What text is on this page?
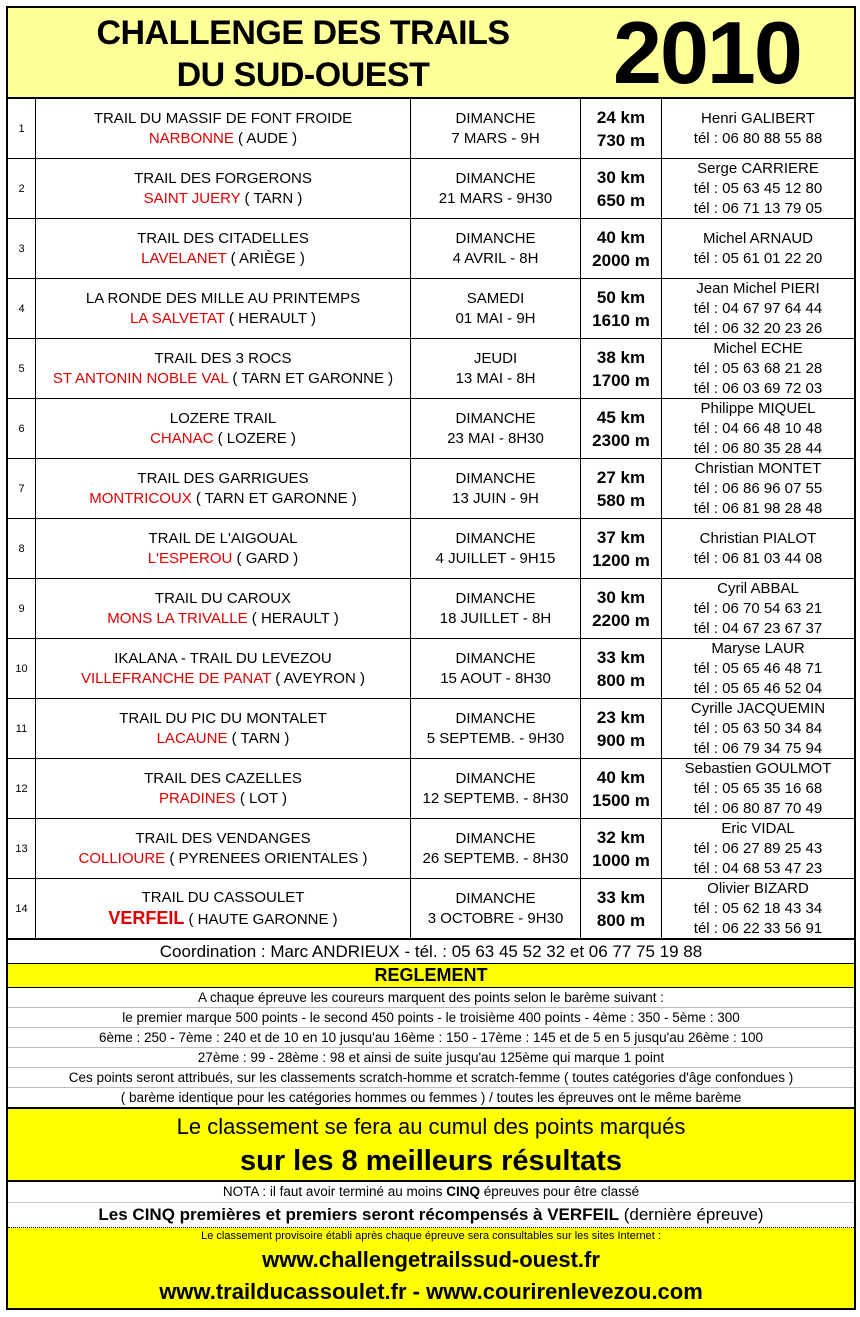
CHALLENGE DES TRAILS
DU SUD-OUEST	2010
1
TRAIL DU MASSIF DE FONT FROIDE
NARBONNE ( AUDE )
DIMANCHE
7 MARS - 9H
24 km
730 m
Henri GALIBERT
tél : 06 80 88 55 88
2
TRAIL DES FORGERONS
SAINT JUERY ( TARN )
DIMANCHE
21 MARS - 9H30
30 km
650 m
Serge CARRIERE
tél : 05 63 45 12 80
tél : 06 71 13 79 05
3
TRAIL DES CITADELLES
LAVELANET ( ARIÈGE )
DIMANCHE
4 AVRIL - 8H
40 km
2000 m
Michel ARNAUD
tél : 05 61 01 22 20
4
LA RONDE DES MILLE AU PRINTEMPS
LA SALVETAT ( HERAULT )
SAMEDI
01 MAI - 9H
50 km
1610 m
Jean Michel PIERI
tél : 04 67 97 64 44
tél : 06 32 20 23 26
5
TRAIL DES 3 ROCS
ST ANTONIN NOBLE VAL ( TARN ET GARONNE )
JEUDI
13 MAI - 8H
38 km
1700 m
Michel ECHE
tél : 05 63 68 21 28
tél : 06 03 69 72 03
6
LOZERE TRAIL
CHANAC ( LOZERE )
DIMANCHE
23 MAI - 8H30
45 km
2300 m
Philippe MIQUEL
tél : 04 66 48 10 48
tél : 06 80 35 28 44
7
TRAIL DES GARRIGUES
MONTRICOUX ( TARN ET GARONNE )
DIMANCHE
13 JUIN - 9H
27 km
580 m
Christian MONTET
tél : 06 86 96 07 55
tél : 06 81 98 28 48
8
TRAIL DE L'AIGOUAL
L'ESPEROU ( GARD )
DIMANCHE
4 JUILLET - 9H15
37 km
1200 m
Christian PIALOT
tél : 06 81 03 44 08
9
TRAIL DU CAROUX
MONS LA TRIVALLE ( HERAULT )
DIMANCHE
18 JUILLET - 8H
30 km
2200 m
Cyril ABBAL
tél : 06 70 54 63 21
tél : 04 67 23 67 37
10
IKALANA - TRAIL DU LEVEZOU
VILLEFRANCHE DE PANAT ( AVEYRON )
DIMANCHE
15 AOUT - 8H30
33 km
800 m
Maryse LAUR
tél : 05 65 46 48 71
tél : 05 65 46 52 04
11
TRAIL DU PIC DU MONTALET
LACAUNE ( TARN )
DIMANCHE
5 SEPTEMB. - 9H30
23 km
900 m
Cyrille JACQUEMIN
tél : 05 63 50 34 84
tél : 06 79 34 75 94
12
TRAIL DES CAZELLES
PRADINES ( LOT )
DIMANCHE
12 SEPTEMB. - 8H30
40 km
1500 m
Sebastien GOULMOT
tél : 05 65 35 16 68
tél : 06 80 87 70 49
13
TRAIL DES VENDANGES
COLLIOURE ( PYRENEES ORIENTALES )
DIMANCHE
26 SEPTEMB. - 8H30
32 km
1000 m
Eric VIDAL
tél : 06 27 89 25 43
tél : 04 68 53 47 23
14
TRAIL DU CASSOULET
VERFEIL ( HAUTE GARONNE )
DIMANCHE
3 OCTOBRE - 9H30
33 km
800 m
Olivier BIZARD
tél : 05 62 18 43 34
tél : 06 22 33 56 91
Coordination : Marc ANDRIEUX - tél. : 05 63 45 52 32 et 06 77 75 19 88
REGLEMENT
A chaque épreuve les coureurs marquent des points selon le barème suivant :
le premier marque 500 points - le second 450 points - le troisième 400 points - 4ème : 350 - 5ème : 300
6ème : 250 - 7ème : 240 et de 10 en 10 jusqu'au 16ème : 150 - 17ème : 145 et de 5 en 5 jusqu'au 26ème : 100
27ème : 99 - 28ème : 98 et ainsi de suite jusqu'au 125ème qui marque 1 point
Ces points seront attribués, sur les classements scratch-homme et scratch-femme ( toutes catégories d'âge confondues )
( barème identique pour les catégories hommes ou femmes ) / toutes les épreuves ont le même barème
Le classement se fera au cumul des points marqués
sur les 8 meilleurs résultats
NOTA : il faut avoir terminé au moins CINQ épreuves pour être classé
Les CINQ premières et premiers seront récompensés à VERFEIL (dernière épreuve)
Le classement provisoire établi après chaque épreuve sera consultables sur les sites Internet :
www.challengetrailssud-ouest.fr
www.trailducassoulet.fr - www.courirenlevezou.com
